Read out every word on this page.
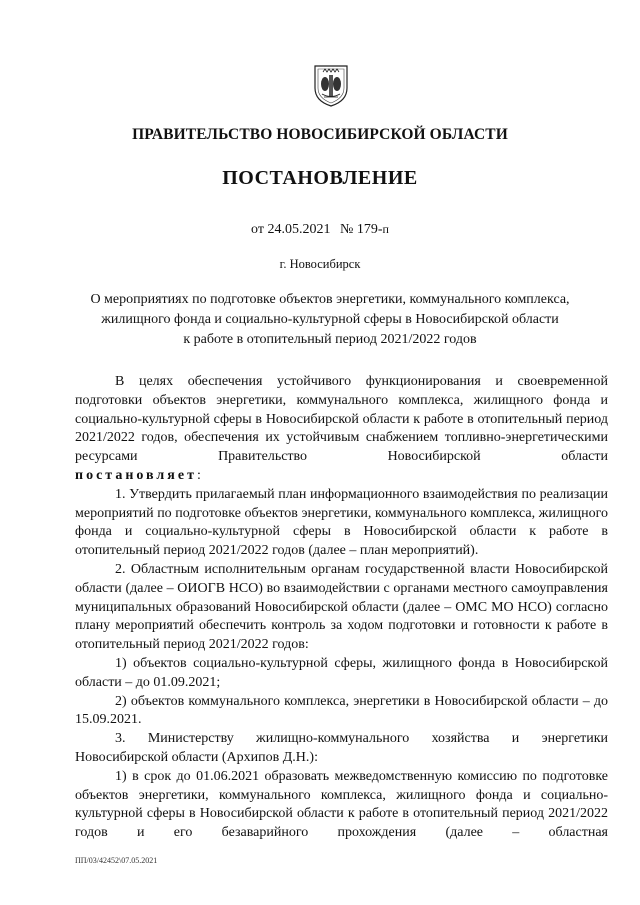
ПРАВИТЕЛЬСТВО НОВОСИБИРСКОЙ ОБЛАСТИ
ПОСТАНОВЛЕНИЕ
от 24.05.2021 № 179-п
г. Новосибирск
О мероприятиях по подготовке объектов энергетики, коммунального комплекса,
жилищного фонда и социально-культурной сферы в Новосибирской области
к работе в отопительный период 2021/2022 годов

В целях обеспечения устойчивого функционирования и своевременной подготовки объектов энергетики, коммунального комплекса, жилищного фонда и социально-культурной сферы в Новосибирской области к работе в отопительный период 2021/2022 годов, обеспечения их устойчивым снабжением топливно-энергетическими ресурсами Правительство Новосибирской области

постановляет:

1. Утвердить прилагаемый план информационного взаимодействия по реализации мероприятий по подготовке объектов энергетики, коммунального комплекса, жилищного фонда и социально-культурной сферы в Новосибирской области к работе в отопительный период 2021/2022 годов (далее – план мероприятий).

2. Областным исполнительным органам государственной власти Новосибирской области (далее – ОИОГВ НСО) во взаимодействии с органами местного самоуправления муниципальных образований Новосибирской области (далее – ОМС МО НСО) согласно плану мероприятий обеспечить контроль за ходом подготовки и готовности к работе в отопительный период 2021/2022 годов:

1) объектов социально-культурной сферы, жилищного фонда в Новосибирской области – до 01.09.2021;

2) объектов коммунального комплекса, энергетики в Новосибирской области – до 15.09.2021.

3. Министерству жилищно-коммунального хозяйства и энергетики Новосибирской области (Архипов Д.Н.):

1) в срок до 01.06.2021 образовать межведомственную комиссию по подготовке объектов энергетики, коммунального комплекса, жилищного фонда и социально-культурной сферы в Новосибирской области к работе в отопительный период 2021/2022 годов и его безаварийного прохождения (далее – областная

ПП/03/42452\07.05.2021
